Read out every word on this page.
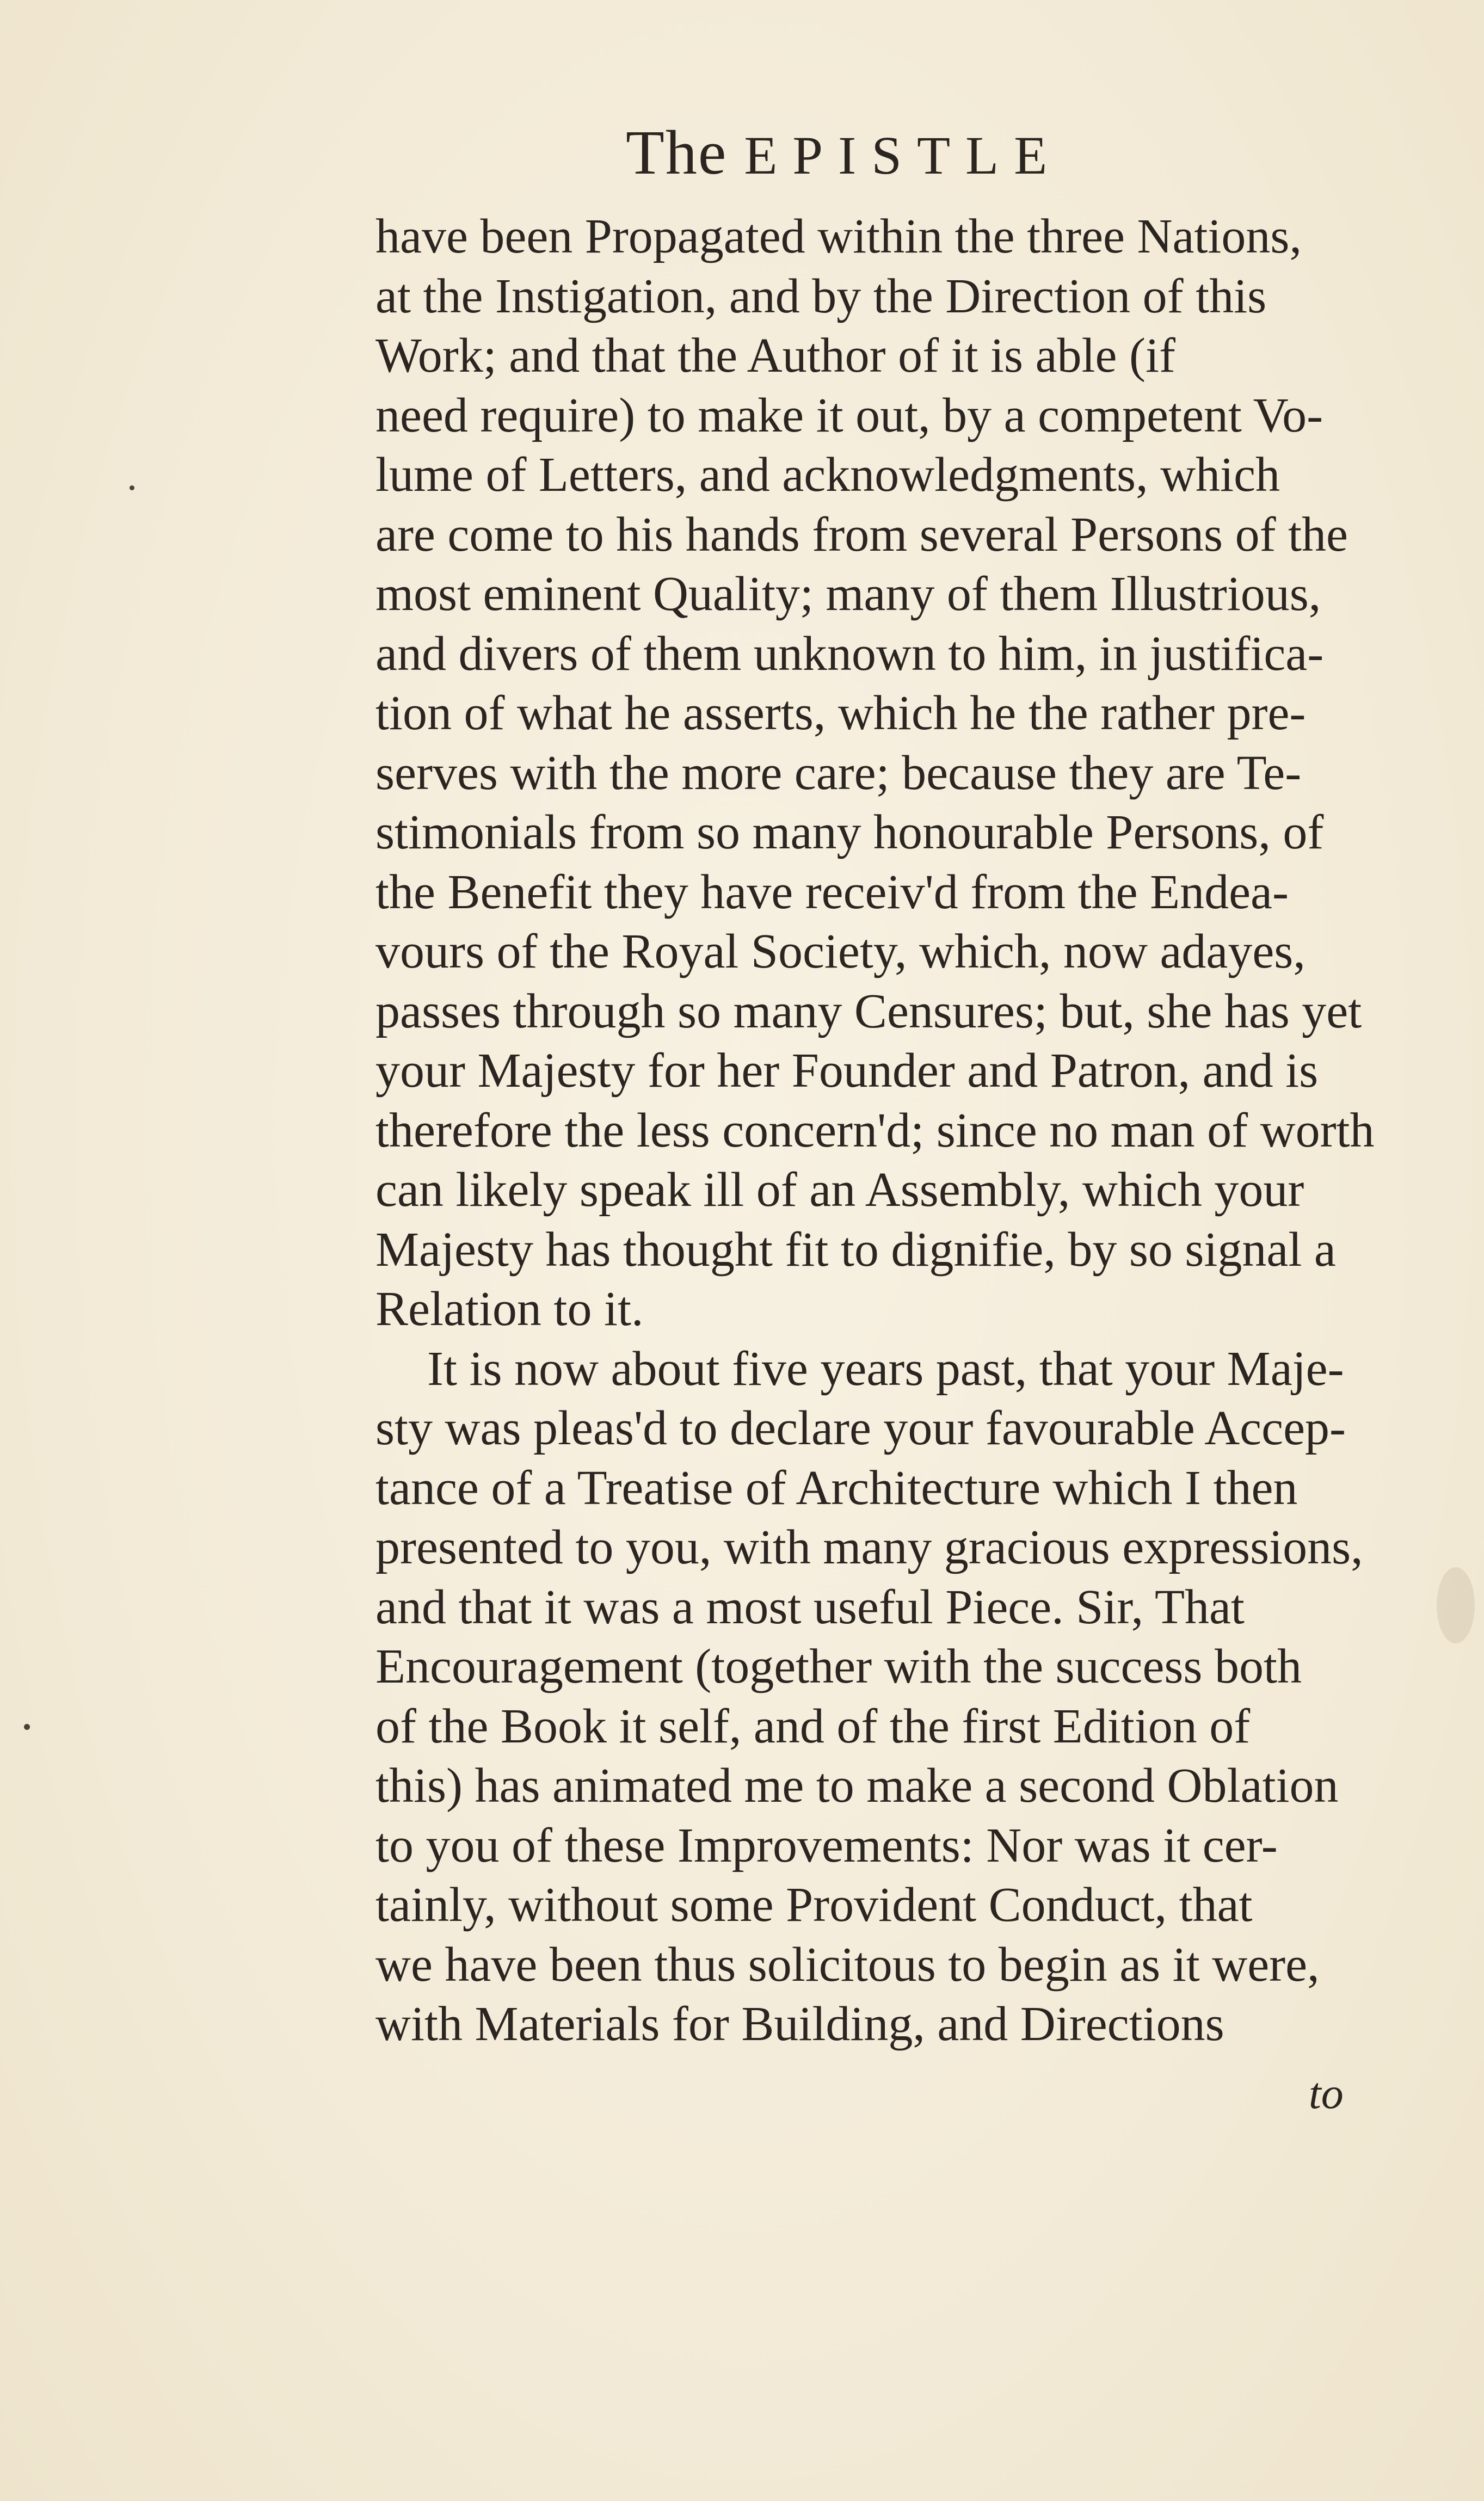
The EPISTLE
have been Propagated within the three Nations,
at the Instigation, and by the Direction of this
Work; and that the Author of it is able (if
need require) to make it out, by a competent Vo-
lume of Letters, and acknowledgments, which
are come to his hands from several Persons of the
most eminent Quality; many of them Illustrious,
and divers of them unknown to him, in justifica-
tion of what he asserts, which he the rather pre-
serves with the more care; because they are Te-
stimonials from so many honourable Persons, of
the Benefit they have receiv'd from the Endea-
vours of the Royal Society, which, now adayes,
passes through so many Censures; but, she has yet
your Majesty for her Founder and Patron, and is
therefore the less concern'd; since no man of worth
can likely speak ill of an Assembly, which your
Majesty has thought fit to dignifie, by so signal a
Relation to it.
It is now about five years past, that your Maje-
sty was pleas'd to declare your favourable Accep-
tance of a Treatise of Architecture which I then
presented to you, with many gracious expressions,
and that it was a most useful Piece. Sir, That
Encouragement (together with the success both
of the Book it self, and of the first Edition of
this) has animated me to make a second Oblation
to you of these Improvements: Nor was it cer-
tainly, without some Provident Conduct, that
we have been thus solicitous to begin as it were,
with Materials for Building, and Directions
to
